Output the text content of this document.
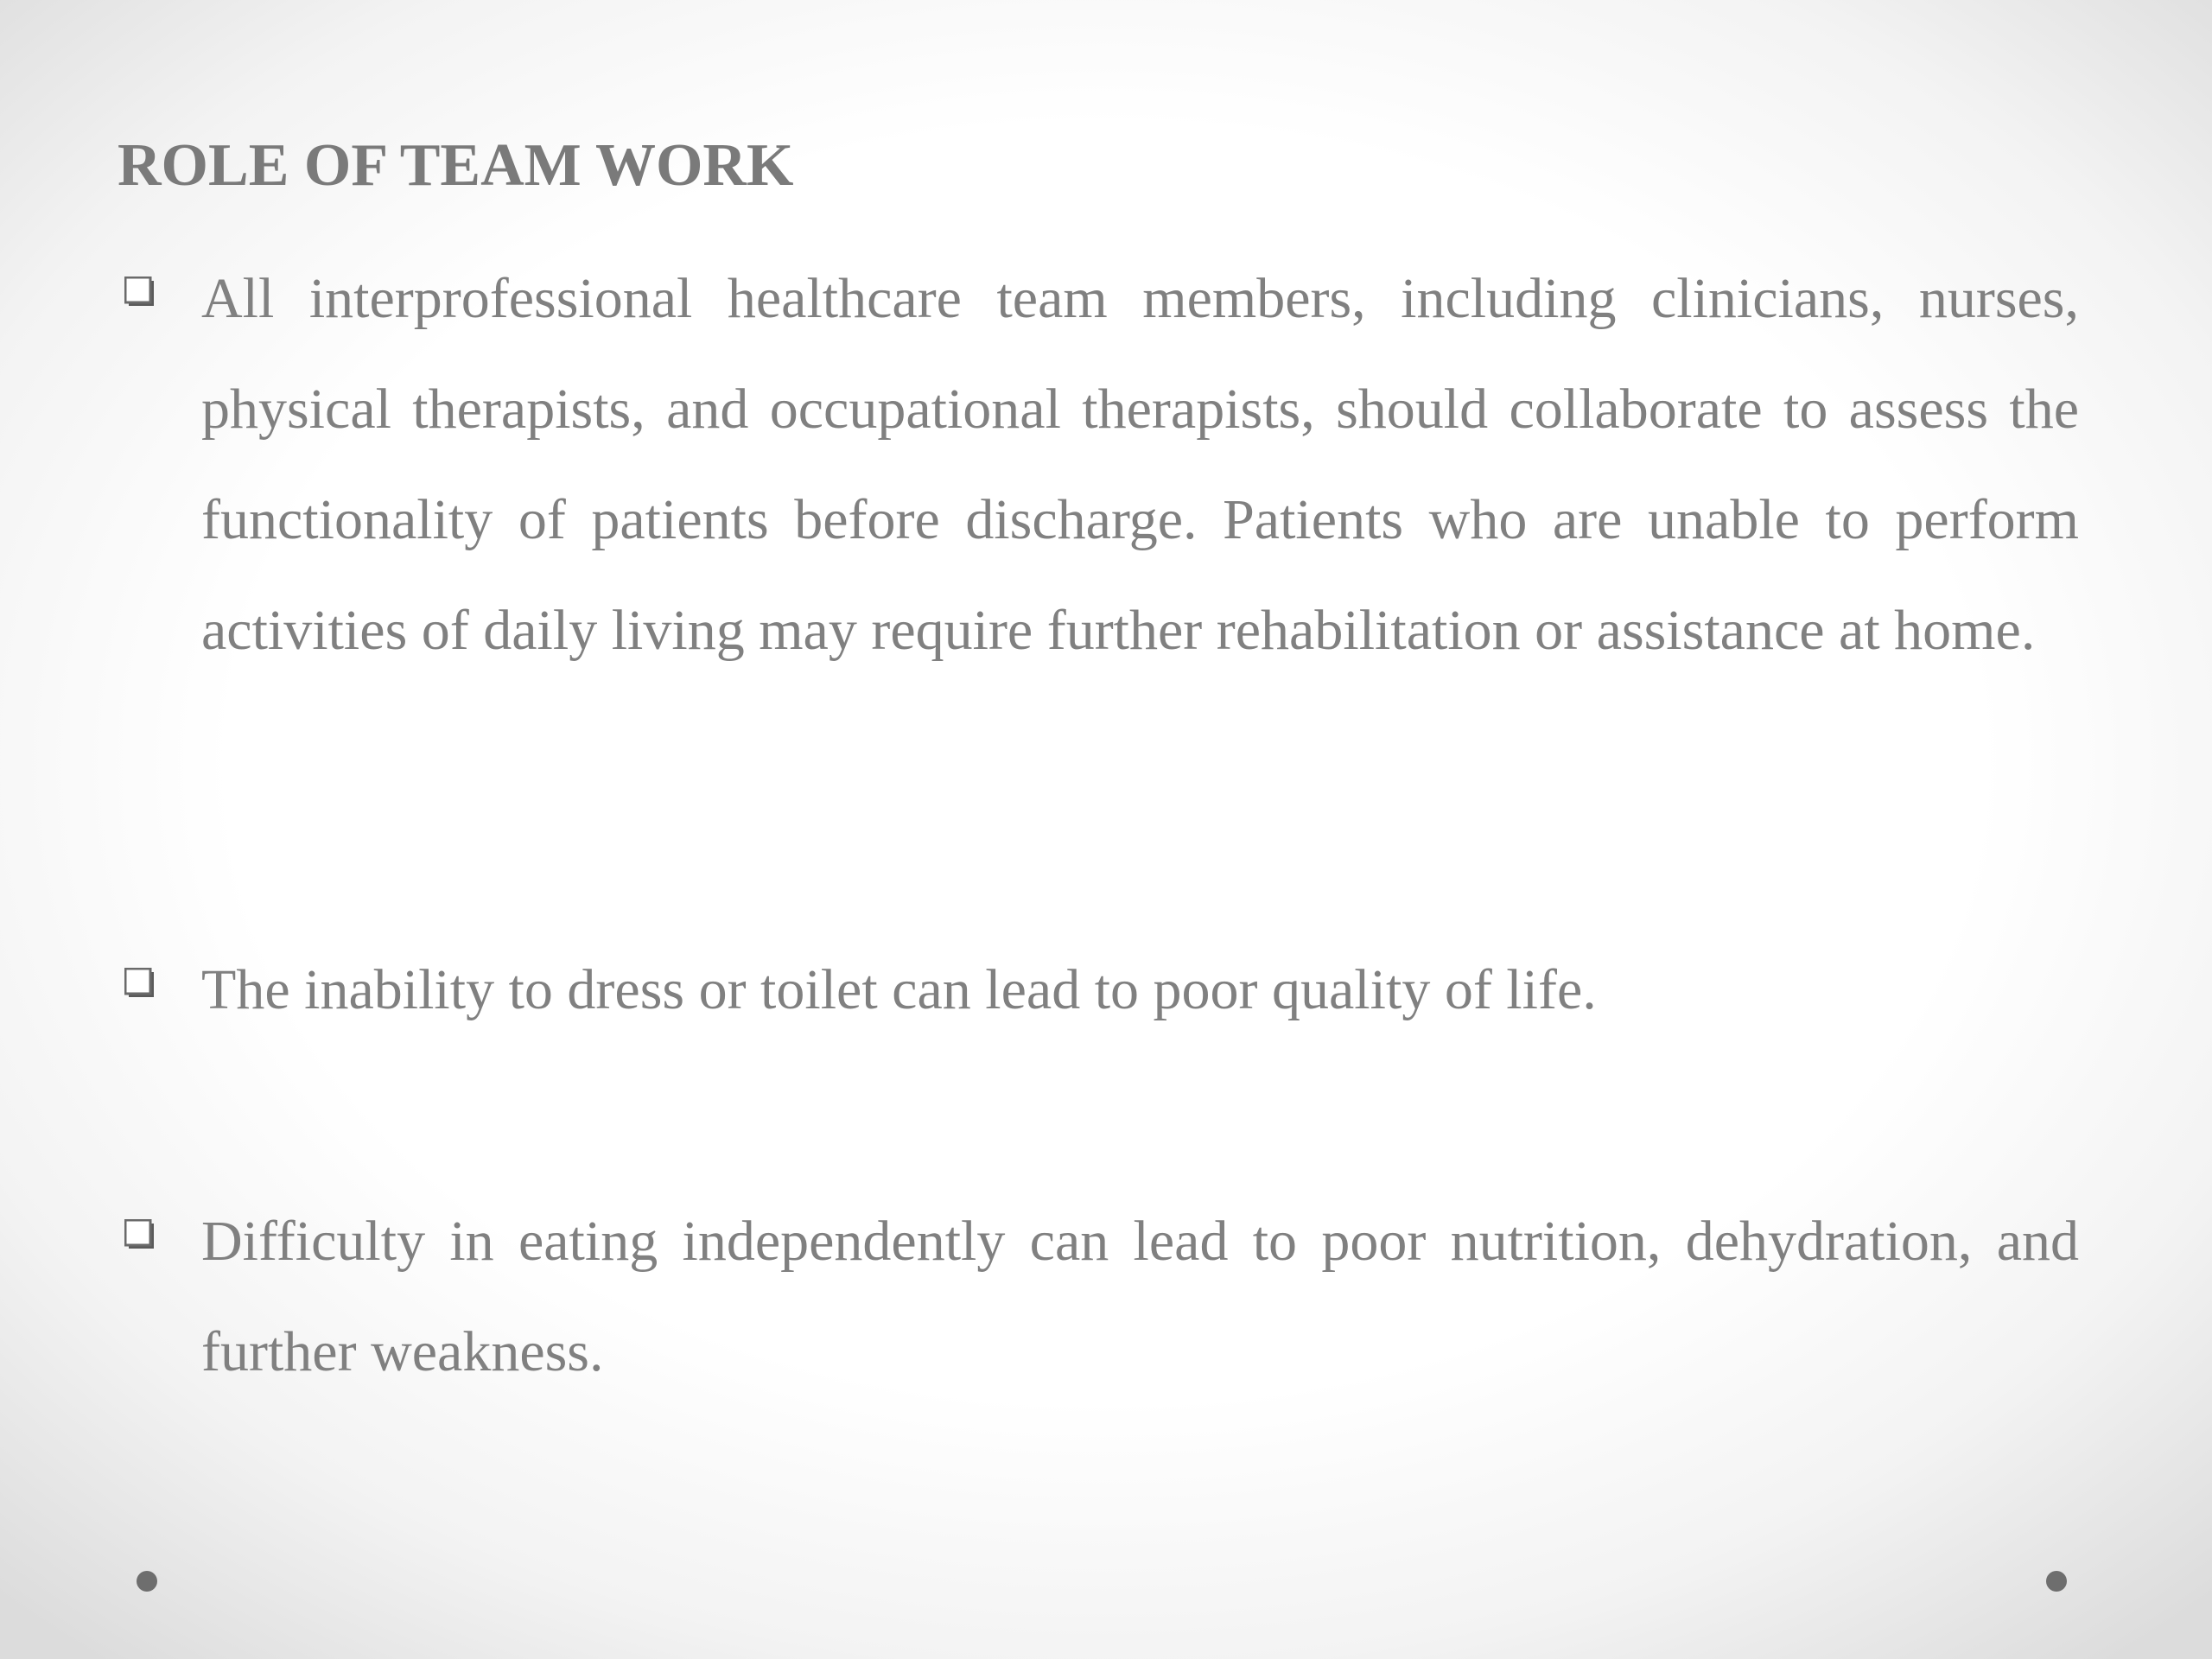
ROLE OF TEAM WORK
All interprofessional healthcare team members, including clinicians, nurses, physical therapists, and occupational therapists, should collaborate to assess the functionality of patients before discharge. Patients who are unable to perform activities of daily living may require further rehabilitation or assistance at home.
The inability to dress or toilet can lead to poor quality of life.
Difficulty in eating independently can lead to poor nutrition, dehydration, and further weakness.
